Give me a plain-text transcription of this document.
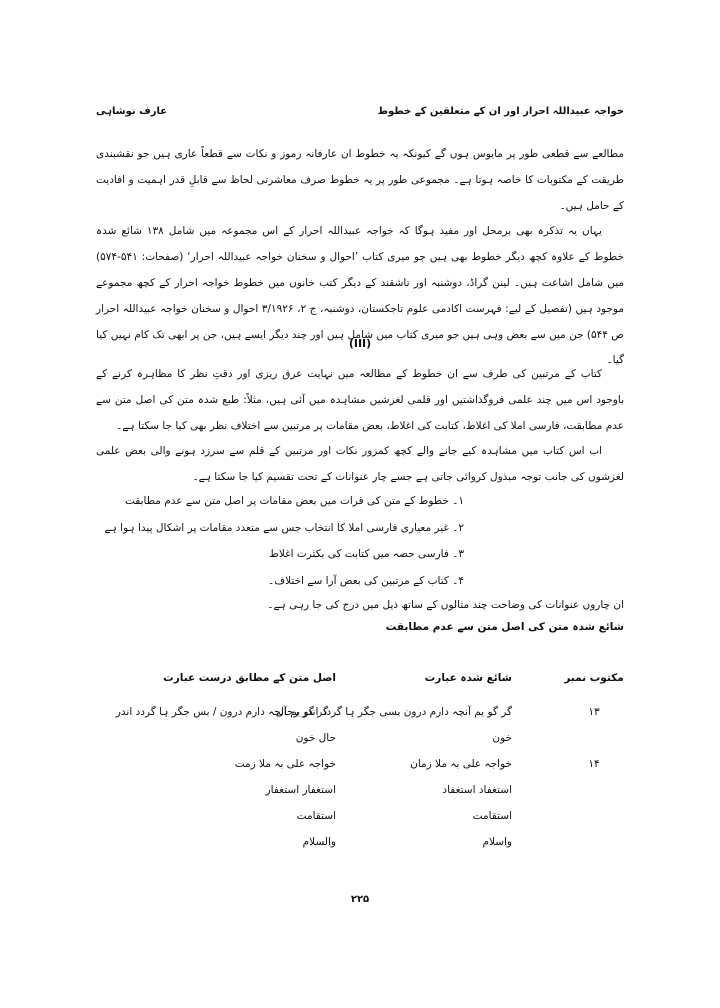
خواجہ عبیداللہ احرار اور ان کے متعلقین کے خطوط
عارف نوشاہی

مطالعے سے قطعی طور پر مایوس ہوں گے کیونکہ یہ خطوط ان عارفانہ رموز و نکات سے قطعاً عاری ہیں جو نقشبندی طریقت کے مکتوبات کا خاصہ ہوتا ہے۔ مجموعی طور پر یہ خطوط صرف معاشرتی لحاظ سے قابلِ قدر اہمیت و افادیت کے حامل ہیں۔

یہاں یہ تذکرہ بھی برمحل اور مفید ہوگا کہ خواجہ عبیداللہ احرار کے اس مجموعہ میں شامل ۱۳۸ شائع شدہ خطوط کے علاوہ کچھ دیگر خطوط بھی ہیں جو میری کتاب ’احوال و سخنان خواجہ عبیداللہ احرار‘ (صفحات: ۵۴۱-۵۷۴) میں شامل اشاعت ہیں۔ لینن گراڈ، دوشنبہ اور تاشقند کے دیگر کتب خانوں میں خطوط خواجہ احرار کے کچھ مجموعے موجود ہیں (تفصیل کے لیے: فہرست اکادمی علوم تاجکستان، دوشنبہ، ج ۲، ۳/۱۹۲۶ احوال و سخنان خواجہ عبیداللہ احرار ص ۵۴۴) جن میں سے بعض وہی ہیں جو میری کتاب میں شامل ہیں اور چند دیگر ایسے ہیں، جن پر ابھی تک کام نہیں کیا گیا۔

(III)

کتاب کے مرتبین کی طرف سے ان خطوط کے مطالعہ میں نہایت عرق ریزی اور دقتِ نظر کا مظاہرہ کرنے کے باوجود اس میں چند علمی فروگذاشتیں اور قلمی لغزشیں مشاہدہ میں آئی ہیں، مثلاً: طبع شدہ متن کی اصل متن سے عدم مطابقت، فارسی املا کی اغلاط، کتابت کی اغلاط، بعض مقامات پر مرتبین سے اختلاف نظر بھی کیا جا سکتا ہے۔

اب اس کتاب میں مشاہدہ کیے جانے والے کچھ کمزور نکات اور مرتبین کے قلم سے سرزد ہونے والی بعض علمی لغزشوں کی جانب توجہ مبذول کروائی جاتی ہے جسے چار عنوانات کے تحت تقسیم کیا جا سکتا ہے۔

۱۔ خطوط کے متن کی قرات میں بعض مقامات پر اصل متن سے عدم مطابقت

۲۔ غیر معیاری فارسی املا کا انتخاب جس سے متعدد مقامات پر اشکال پیدا ہوا ہے

۳۔ فارسی حصہ میں کتابت کی بکثرت اغلاط

۴۔ کتاب کے مرتبین کی بعض آرا سے اختلاف۔

ان چاروں عنوانات کی وضاحت چند مثالوں کے ساتھ ذیل میں درج کی جا رہی ہے۔

شائع شدہ متن کی اصل متن سے عدم مطابقت

مکتوب نمبر
شائع شدہ عبارت
اصل متن کے مطابق درست عبارت
۱۳
گر گو یم آنچہ دارم درون بسی جگر ہا گردد اندر رحال
گر گو یم آنچہ دارم درون / بس جگر ہا گردد اندر
خون
حال خون
۱۴
خواجہ علی بہ ملا زمان
خواجہ علی بہ ملا زمت
استغفاد استغفاد
استغفار استغفار
استقامت
استقامت
واسلام
والسلام
۲۲۵
